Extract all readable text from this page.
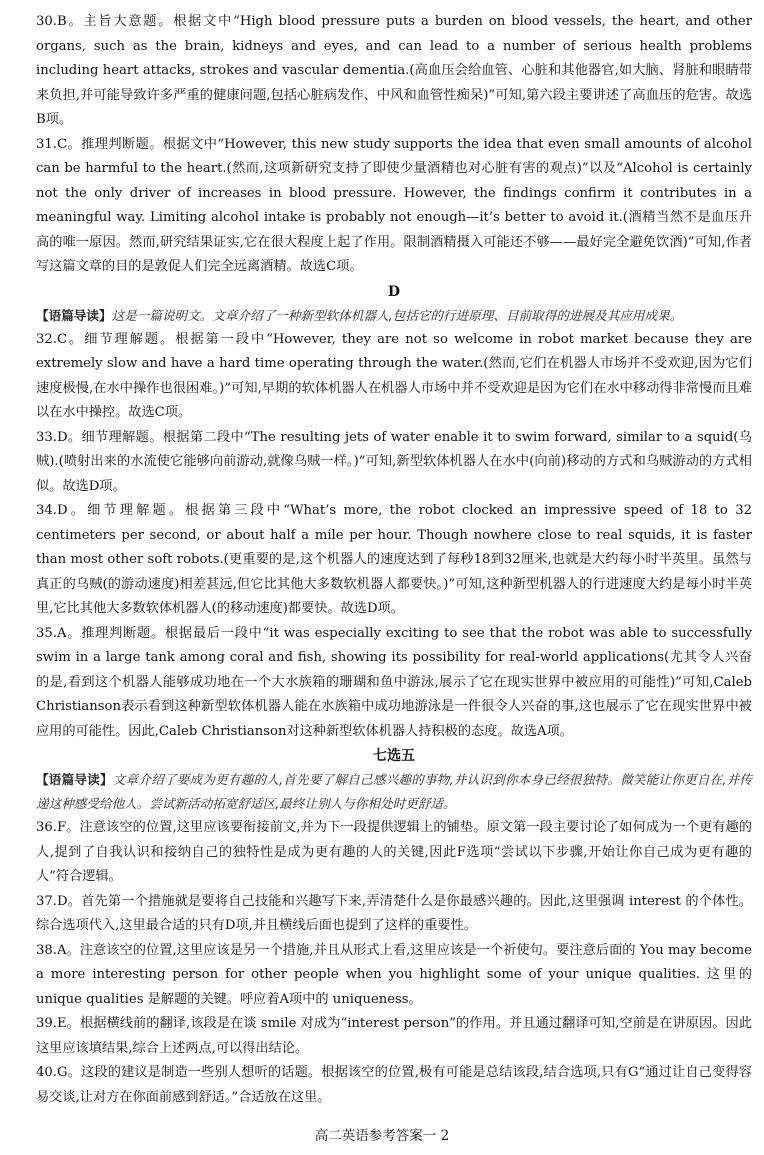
30.B。主旨大意题。根据文中“High blood pressure puts a burden on blood vessels, the heart, and other organs, such as the brain, kidneys and eyes, and can lead to a number of serious health problems including heart attacks, strokes and vascular dementia.(高血压会给血管、心脏和其他器官,如大脑、肾脏和眼睛带来负担,并可能导致许多严重的健康问题,包括心脏病发作、中风和血管性痴呆)”可知,第六段主要讲述了高血压的危害。故选B项。

31.C。推理判断题。根据文中“However, this new study supports the idea that even small amounts of alcohol can be harmful to the heart.(然而,这项新研究支持了即使少量酒精也对心脏有害的观点)”以及“Alcohol is certainly not the only driver of increases in blood pressure. However, the findings confirm it contributes in a meaningful way. Limiting alcohol intake is probably not enough—it’s better to avoid it.(酒精当然不是血压升高的唯一原因。然而,研究结果证实,它在很大程度上起了作用。限制酒精摄入可能还不够——最好完全避免饮酒)”可知,作者写这篇文章的目的是敦促人们完全远离酒精。故选C项。

D

【语篇导读】这是一篇说明文。文章介绍了一种新型软体机器人,包括它的行进原理、目前取得的进展及其应用成果。

32.C。细节理解题。根据第一段中“However, they are not so welcome in robot market because they are extremely slow and have a hard time operating through the water.(然而,它们在机器人市场并不受欢迎,因为它们速度极慢,在水中操作也很困难。)”可知,早期的软体机器人在机器人市场中并不受欢迎是因为它们在水中移动得非常慢而且难以在水中操控。故选C项。

33.D。细节理解题。根据第二段中“The resulting jets of water enable it to swim forward, similar to a squid(乌贼).(喷射出来的水流使它能够向前游动,就像乌贼一样。)”可知,新型软体机器人在水中(向前)移动的方式和乌贼游动的方式相似。故选D项。

34.D。细节理解题。根据第三段中“What’s more, the robot clocked an impressive speed of 18 to 32 centimeters per second, or about half a mile per hour. Though nowhere close to real squids, it is faster than most other soft robots.(更重要的是,这个机器人的速度达到了每秒18到32厘米,也就是大约每小时半英里。虽然与真正的乌贼(的游动速度)相差甚远,但它比其他大多数软机器人都要快。)”可知,这种新型机器人的行进速度大约是每小时半英里,它比其他大多数软体机器人(的移动速度)都要快。故选D项。

35.A。推理判断题。根据最后一段中“it was especially exciting to see that the robot was able to successfully swim in a large tank among coral and fish, showing its possibility for real-world applications(尤其令人兴奋的是,看到这个机器人能够成功地在一个大水族箱的珊瑚和鱼中游泳,展示了它在现实世界中被应用的可能性)”可知,Caleb Christianson表示看到这种新型软体机器人能在水族箱中成功地游泳是一件很令人兴奋的事,这也展示了它在现实世界中被应用的可能性。因此,Caleb Christianson对这种新型软体机器人持积极的态度。故选A项。

七选五

【语篇导读】文章介绍了要成为更有趣的人,首先要了解自己感兴趣的事物,并认识到你本身已经很独特。微笑能让你更自在,并传递这种感受给他人。尝试新活动拓宽舒适区,最终让别人与你相处时更舒适。

36.F。注意该空的位置,这里应该要衔接前文,并为下一段提供逻辑上的铺垫。原文第一段主要讨论了如何成为一个更有趣的人,提到了自我认识和接纳自己的独特性是成为更有趣的人的关键,因此F选项“尝试以下步骤,开始让你自己成为更有趣的人”符合逻辑。

37.D。首先第一个措施就是要将自己技能和兴趣写下来,弄清楚什么是你最感兴趣的。因此,这里强调 interest 的个体性。综合选项代入,这里最合适的只有D项,并且横线后面也提到了这样的重要性。

38.A。注意该空的位置,这里应该是另一个措施,并且从形式上看,这里应该是一个祈使句。要注意后面的 You may become a more interesting person for other people when you highlight some of your unique qualities. 这里的 unique qualities 是解题的关键。呼应着A项中的 uniqueness。

39.E。根据横线前的翻译,该段是在谈 smile 对成为“interest person”的作用。并且通过翻译可知,空前是在讲原因。因此这里应该填结果,综合上述两点,可以得出结论。

40.G。这段的建议是制造一些别人想听的话题。根据该空的位置,极有可能是总结该段,结合选项,只有G“通过让自己变得容易交谈,让对方在你面前感到舒适。”合适放在这里。

高二英语参考答案一 2
